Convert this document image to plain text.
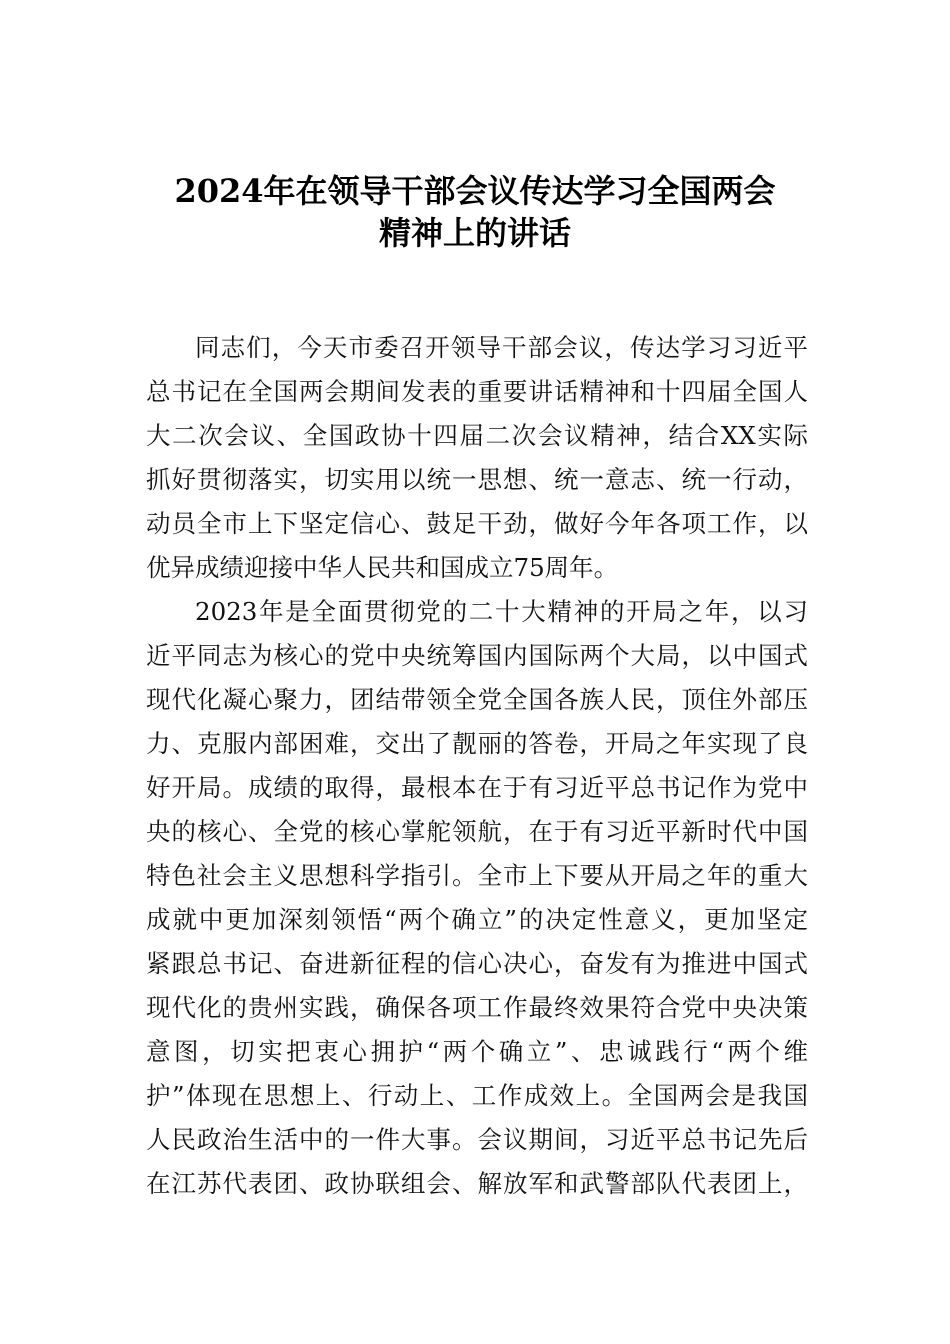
2024年在领导干部会议传达学习全国两会
精神上的讲话

同志们，今天市委召开领导干部会议，传达学习习近平

总书记在全国两会期间发表的重要讲话精神和十四届全国人

大二次会议、全国政协十四届二次会议精神，结合XX实际

抓好贯彻落实，切实用以统一思想、统一意志、统一行动，

动员全市上下坚定信心、鼓足干劲，做好今年各项工作，以

优异成绩迎接中华人民共和国成立75周年。

2023年是全面贯彻党的二十大精神的开局之年，以习

近平同志为核心的党中央统筹国内国际两个大局，以中国式

现代化凝心聚力，团结带领全党全国各族人民，顶住外部压

力、克服内部困难，交出了靓丽的答卷，开局之年实现了良

好开局。成绩的取得，最根本在于有习近平总书记作为党中

央的核心、全党的核心掌舵领航，在于有习近平新时代中国

特色社会主义思想科学指引。全市上下要从开局之年的重大

成就中更加深刻领悟“两个确立”的决定性意义，更加坚定

紧跟总书记、奋进新征程的信心决心，奋发有为推进中国式

现代化的贵州实践，确保各项工作最终效果符合党中央决策

意图，切实把衷心拥护“两个确立”、忠诚践行“两个维

护”体现在思想上、行动上、工作成效上。全国两会是我国

人民政治生活中的一件大事。会议期间，习近平总书记先后

在江苏代表团、政协联组会、解放军和武警部队代表团上，
